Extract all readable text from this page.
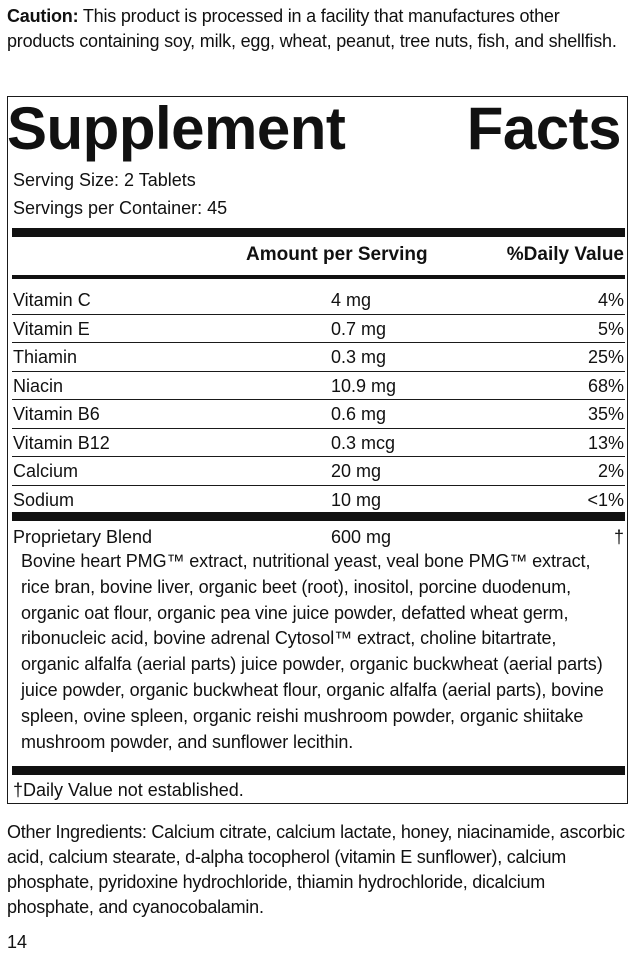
Caution: This product is processed in a facility that manufactures other products containing soy, milk, egg, wheat, peanut, tree nuts, fish, and shellfish.
Supplement Facts
Serving Size: 2 Tablets
Servings per Container: 45
Amount per Serving	%Daily Value
Vitamin C	4 mg	4%
Vitamin E	0.7 mg	5%
Thiamin	0.3 mg	25%
Niacin	10.9 mg	68%
Vitamin B6	0.6 mg	35%
Vitamin B12	0.3 mcg	13%
Calcium	20 mg	2%
Sodium	10 mg	<1%
Proprietary Blend	600 mg	†
Bovine heart PMG™ extract, nutritional yeast, veal bone PMG™ extract, rice bran, bovine liver, organic beet (root), inositol, porcine duodenum, organic oat flour, organic pea vine juice powder, defatted wheat germ, ribonucleic acid, bovine adrenal Cytosol™ extract, choline bitartrate, organic alfalfa (aerial parts) juice powder, organic buckwheat (aerial parts) juice powder, organic buckwheat flour, organic alfalfa (aerial parts), bovine spleen, ovine spleen, organic reishi mushroom powder, organic shiitake mushroom powder, and sunflower lecithin.
†Daily Value not established.
Other Ingredients: Calcium citrate, calcium lactate, honey, niacinamide, ascorbic acid, calcium stearate, d-alpha tocopherol (vitamin E sunflower), calcium phosphate, pyridoxine hydrochloride, thiamin hydrochloride, dicalcium phosphate, and cyanocobalamin.
14
